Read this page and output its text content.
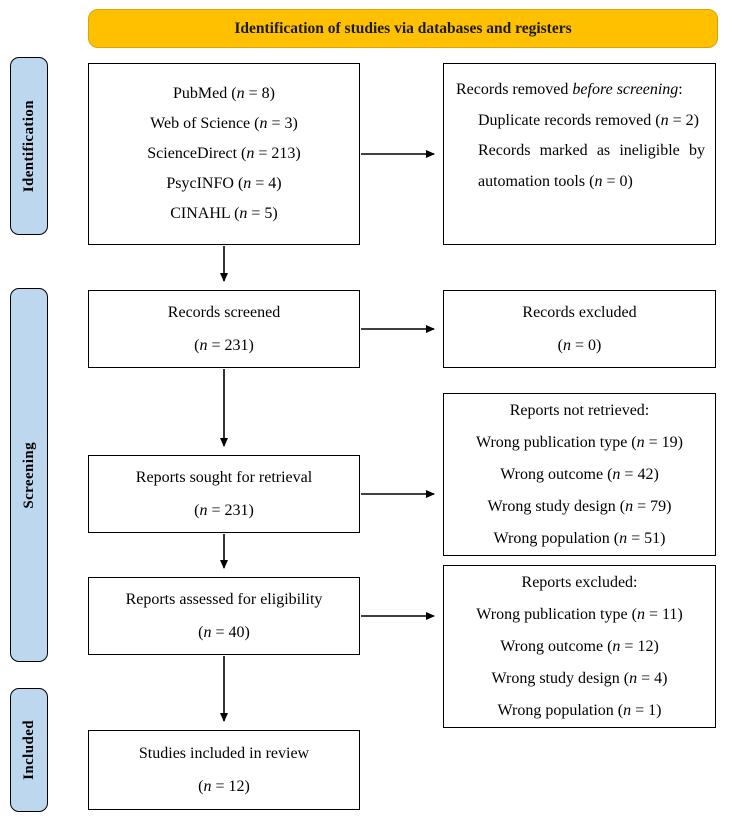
Identification of studies via databases and registers
Identification
Screening
Included
PubMed (n = 8)
Web of Science (n = 3)
ScienceDirect (n = 213)
PsycINFO (n = 4)
CINAHL (n = 5)
Records removed before screening:
Duplicate records removed (n = 2)
Records marked as ineligible by automation tools (n = 0)
Records screened
(n = 231)
Records excluded
(n = 0)
Reports not retrieved:
Wrong publication type (n = 19)
Wrong outcome (n = 42)
Wrong study design (n = 79)
Wrong population (n = 51)
Reports sought for retrieval
(n = 231)
Reports assessed for eligibility
(n = 40)
Reports excluded:
Wrong publication type (n = 11)
Wrong outcome (n = 12)
Wrong study design (n = 4)
Wrong population (n = 1)
Studies included in review
(n = 12)
